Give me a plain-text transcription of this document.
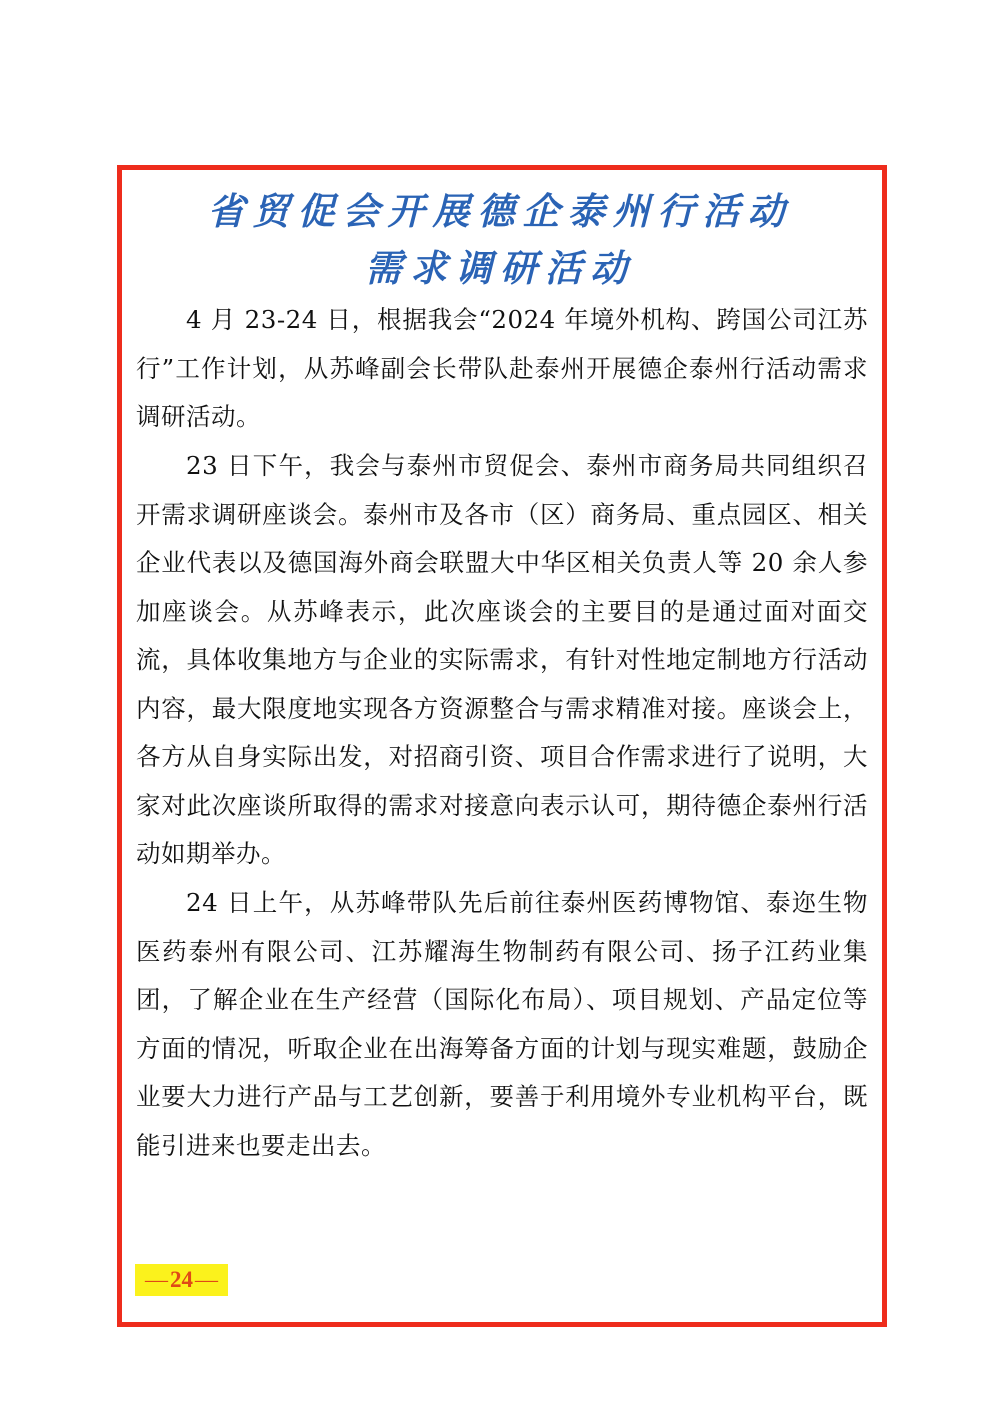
省贸促会开展德企泰州行活动
需求调研活动

4 月 23-24 日，根据我会“2024 年境外机构、跨国公司江苏行”工作计划，从苏峰副会长带队赴泰州开展德企泰州行活动需求调研活动。

23 日下午，我会与泰州市贸促会、泰州市商务局共同组织召开需求调研座谈会。泰州市及各市（区）商务局、重点园区、相关企业代表以及德国海外商会联盟大中华区相关负责人等 20 余人参加座谈会。从苏峰表示，此次座谈会的主要目的是通过面对面交流，具体收集地方与企业的实际需求，有针对性地定制地方行活动内容，最大限度地实现各方资源整合与需求精准对接。座谈会上，各方从自身实际出发，对招商引资、项目合作需求进行了说明，大家对此次座谈所取得的需求对接意向表示认可，期待德企泰州行活动如期举办。

24 日上午，从苏峰带队先后前往泰州医药博物馆、泰迩生物医药泰州有限公司、江苏耀海生物制药有限公司、扬子江药业集团，了解企业在生产经营（国际化布局）、项目规划、产品定位等方面的情况，听取企业在出海筹备方面的计划与现实难题，鼓励企业要大力进行产品与工艺创新，要善于利用境外专业机构平台，既能引进来也要走出去。

— 24 —
